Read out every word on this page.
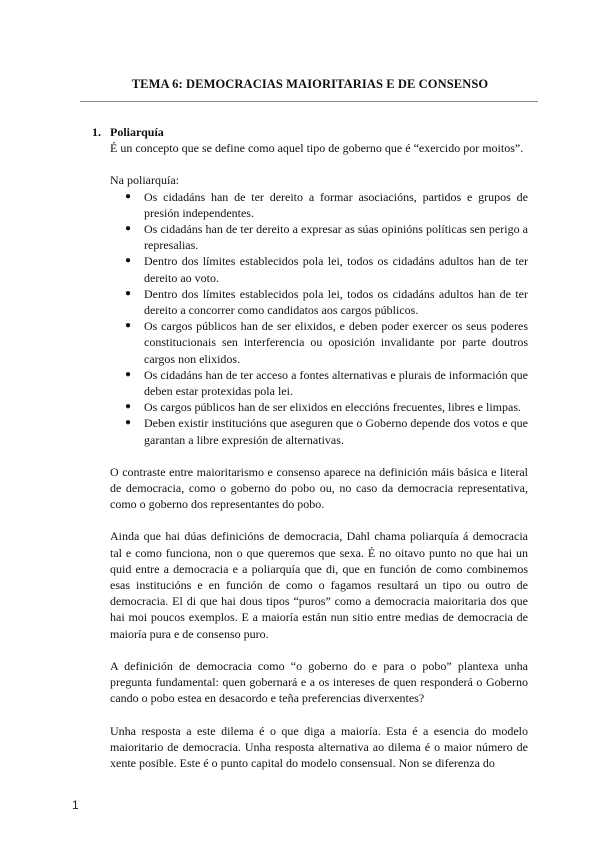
TEMA 6: DEMOCRACIAS MAIORITARIAS E DE CONSENSO
1. Poliarquía

É un concepto que se define como aquel tipo de goberno que é “exercido por moitos”.

Na poliarquía:

● Os cidadáns han de ter dereito a formar asociacións, partidos e grupos de presión independentes.
● Os cidadáns han de ter dereito a expresar as súas opinións políticas sen perigo a represalias.
● Dentro dos límites establecidos pola lei, todos os cidadáns adultos han de ter dereito ao voto.
● Dentro dos límites establecidos pola lei, todos os cidadáns adultos han de ter dereito a concorrer como candidatos aos cargos públicos.
● Os cargos públicos han de ser elixidos, e deben poder exercer os seus poderes constitucionais sen interferencia ou oposición invalidante por parte doutros cargos non elixidos.
● Os cidadáns han de ter acceso a fontes alternativas e plurais de información que deben estar protexidas pola lei.
● Os cargos públicos han de ser elixidos en eleccións frecuentes, libres e limpas.
● Deben existir institucións que aseguren que o Goberno depende dos votos e que garantan a libre expresión de alternativas.

O contraste entre maioritarismo e consenso aparece na definición máis básica e literal de democracia, como o goberno do pobo ou, no caso da democracia representativa, como o goberno dos representantes do pobo.

Ainda que hai dúas definicións de democracia, Dahl chama poliarquía á democracia tal e como funciona, non o que queremos que sexa. É no oitavo punto no que hai un quid entre a democracia e a poliarquía que di, que en función de como combinemos esas institucións e en función de como o fagamos resultará un tipo ou outro de democracia. El di que hai dous tipos “puros” como a democracia maioritaria dos que hai moi poucos exemplos. E a maioría están nun sitio entre medias de democracia de maioría pura e de consenso puro.

A definición de democracia como “o goberno do e para o pobo” plantexa unha pregunta fundamental: quen gobernará e a os intereses de quen responderá o Goberno cando o pobo estea en desacordo e teña preferencias diverxentes?

Unha resposta a este dilema é o que diga a maioría. Esta é a esencia do modelo maioritario de democracia. Unha resposta alternativa ao dilema é o maior número de xente posible. Este é o punto capital do modelo consensual. Non se diferenza do

1
